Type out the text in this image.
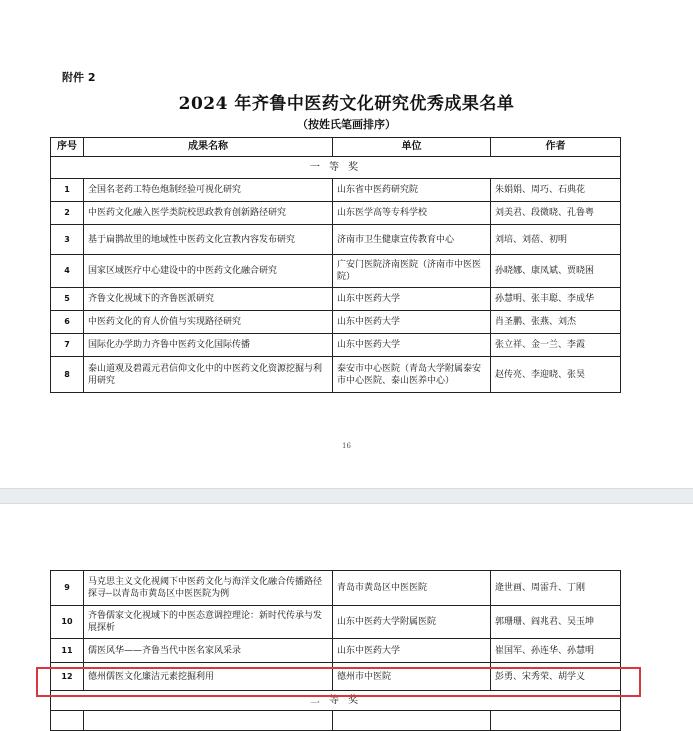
附件 2
2024 年齐鲁中医药文化研究优秀成果名单
（按姓氏笔画排序）
序号	成果名称	单位	作者
一 等 奖			
1	全国名老药工特色炮制经验可视化研究	山东省中医药研究院	朱娟娟、周巧、石典花
2	中医药文化融入医学类院校思政教育创新路径研究	山东医学高等专科学校	刘美君、段微晓、孔鲁粤
3	基于扁鹊故里的地域性中医药文化宣教内容发布研究	济南市卫生健康宣传教育中心	刘培、刘蓓、初明
4	国家区域医疗中心建设中的中医药文化融合研究	广安门医院济南医院（济南市中医医院）	孙晓娜、康凤斌、贾晓困
5	齐鲁文化视域下的齐鲁医派研究	山东中医药大学	孙慧明、张丰聪、李成华
6	中医药文化的育人价值与实现路径研究	山东中医药大学	肖圣鹏、张燕、刘杰
7	国际化办学助力齐鲁中医药文化国际传播	山东中医药大学	张立祥、金一兰、李霞
8	泰山道观及碧霞元君信仰文化中的中医药文化资源挖掘与利用研究	泰安市中心医院（青岛大学附属泰安市中心医院、泰山医养中心）	赵传亮、李迎晓、张昊
16
9	马克思主义文化视阈下中医药文化与海洋文化融合传播路径探寻--以青岛市黄岛区中医医院为例	青岛市黄岛区中医医院	逄世画、周雷升、丁刚
10	齐鲁儒家文化视域下的中医态意调控理论：新时代传承与发展探析	山东中医药大学附属医院	郭珊珊、阎兆君、吴玉坤
11	儒医风华——齐鲁当代中医名家风采录	山东中医药大学	崔国军、孙连华、孙慧明
12	德州儒医文化廉洁元素挖掘利用	德州市中医院	彭勇、宋秀荣、胡学义
二 等 奖			
